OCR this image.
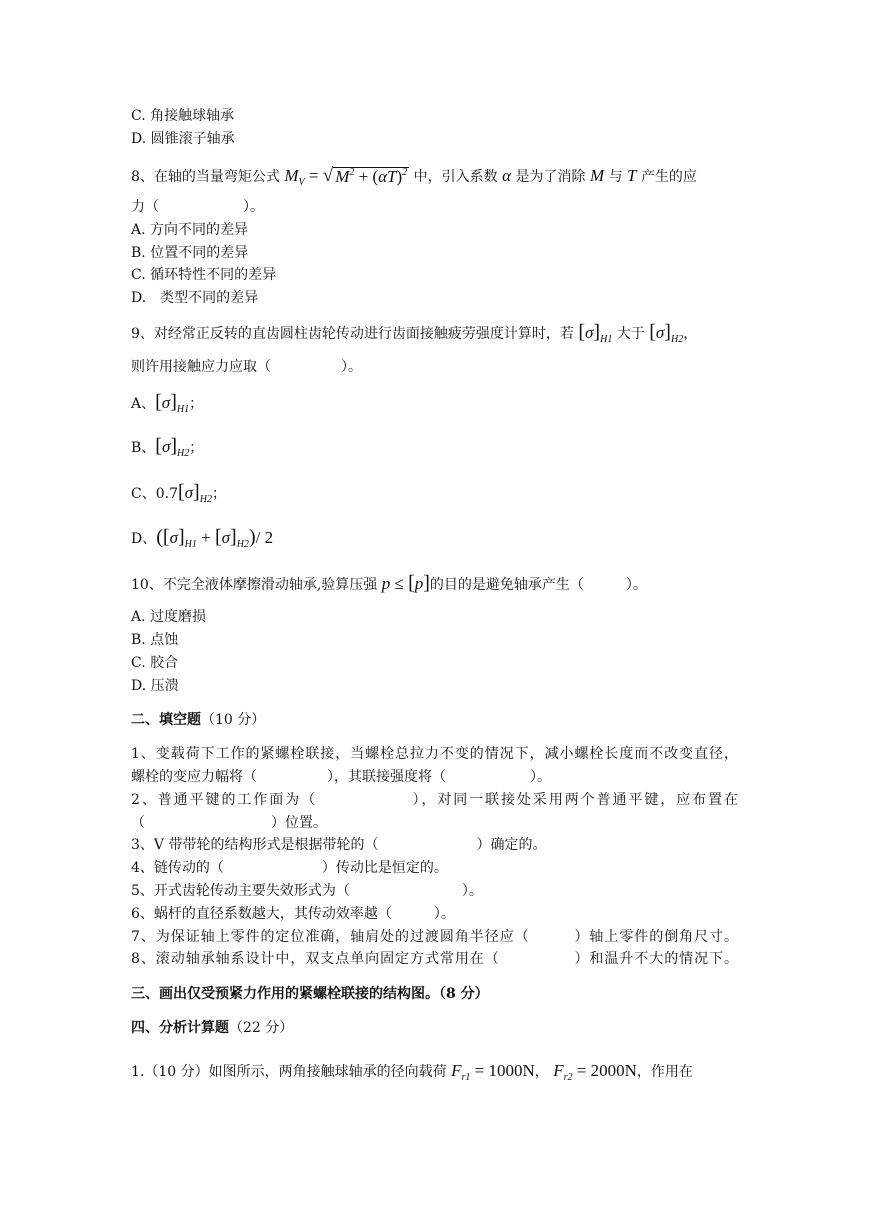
C. 角接触球轴承
D. 圆锥滚子轴承
8、在轴的当量弯矩公式 $M_V$ = √ $M^2 + (\alpha T)^2$ 中，引入系数 α 是为了消除 M 与 T 产生的应
力（　　　　　　）。
A. 方向不同的差异
B. 位置不同的差异
C. 循环特性不同的差异
D.　类型不同的差异
9、对经常正反转的直齿圆柱齿轮传动进行齿面接触疲劳强度计算时，若 $[\sigma]_{H1}$ 大于 $[\sigma]_{H2}$，
则许用接触应力应取（　　　　　）。
A、$[\sigma]_{H1}$；
B、$[\sigma]_{H2}$；
C、$0.7[\sigma]_{H2}$；
D、$([\sigma]_{H1} + [\sigma]_{H2})/$ 2
10、不完全液体摩擦滑动轴承,验算压强 p ≤ [p]的目的是避免轴承产生（　　　）。
A. 过度磨损
B. 点蚀
C. 胶合
D. 压溃
二、填空题（10 分）
1、变载荷下工作的紧螺栓联接，当螺栓总拉力不变的情况下，减小螺栓长度而不改变直径，
螺栓的变应力幅将（　　　　　），其联接强度将（　　　　　　）。
2、普通平键的工作面为（　　　　　　），对同一联接处采用两个普通平键，应布置在
（　　　　　　　　　）位置。
3、V 带带轮的结构形式是根据带轮的（　　　　　　　）确定的。
4、链传动的（　　　　　　　）传动比是恒定的。
5、开式齿轮传动主要失效形式为（　　　　　　　　）。
6、蜗杆的直径系数越大，其传动效率越（　　　）。
7、为保证轴上零件的定位准确，轴肩处的过渡圆角半径应（　　　）轴上零件的倒角尺寸。
8、滚动轴承轴系设计中，双支点单向固定方式常用在（　　　　　）和温升不大的情况下。
三、画出仅受预紧力作用的紧螺栓联接的结构图。（8 分）
四、分析计算题（22 分）
1.（10 分）如图所示，两角接触球轴承的径向载荷 $F_{r1} = 1000N$， $F_{r2} = 2000N$，作用在
